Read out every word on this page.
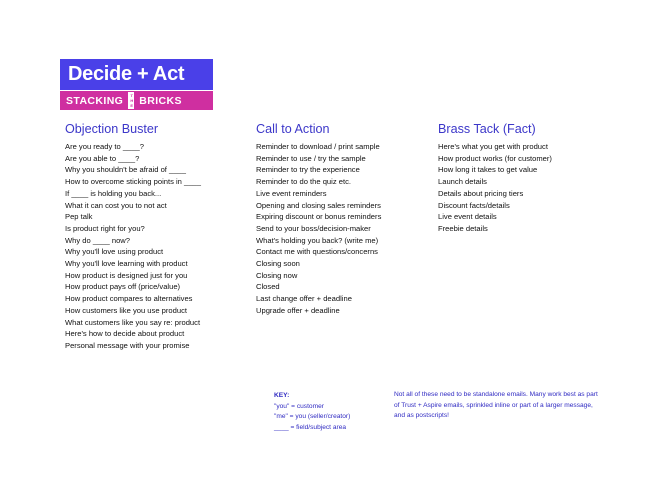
Decide + Act
STACKING THE BRICKS
Objection Buster
Are you ready to ____?
Are you able to ____?
Why you shouldn't be afraid of ____
How to overcome sticking points in ____
If ____ is holding you back...
What it can cost you to not act
Pep talk
Is product right for you?
Why do ____ now?
Why you'll love using product
Why you'll love learning with product
How product is designed just for you
How product pays off (price/value)
How product compares to alternatives
How customers like you use product
What customers like you say re: product
Here's how to decide about product
Personal message with your promise
Call to Action
Reminder to download / print sample
Reminder to use / try the sample
Reminder to try the experience
Reminder to do the quiz etc.
Live event reminders
Opening and closing sales reminders
Expiring discount or bonus reminders
Send to your boss/decision-maker
What's holding you back? (write me)
Contact me with questions/concerns
Closing soon
Closing now
Closed
Last change offer + deadline
Upgrade offer + deadline
Brass Tack (Fact)
Here's what you get with product
How product works (for customer)
How long it takes to get value
Launch details
Details about pricing tiers
Discount facts/details
Live event details
Freebie details
KEY:
"you" = customer
"me" = you (seller/creator)
____ = field/subject area
Not all of these need to be standalone emails. Many work best as part of Trust + Aspire emails, sprinkled inline or part of a larger message, and as postscripts!
